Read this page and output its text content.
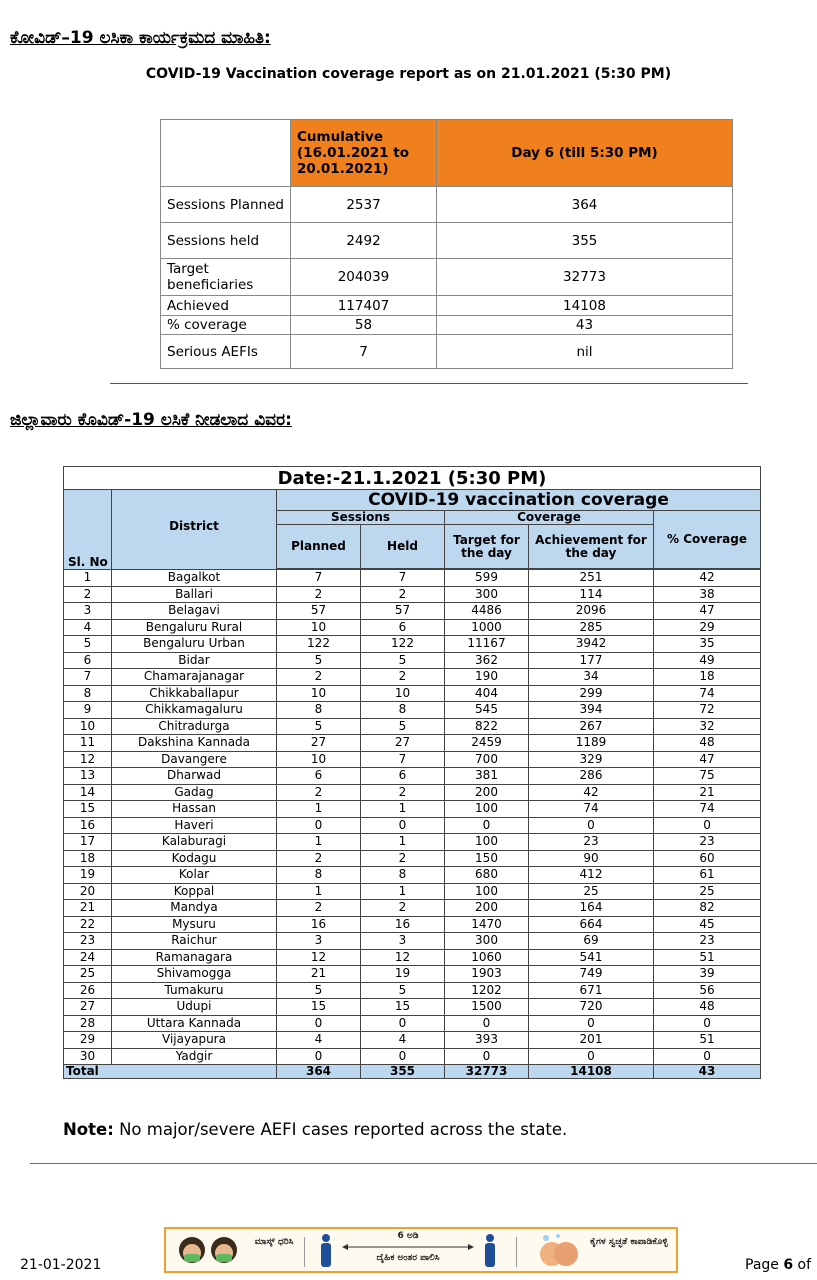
ಕೋವಿಡ್–19 ಲಸಿಕಾ ಕಾರ್ಯಕ್ರಮದ ಮಾಹಿತಿ:
COVID-19 Vaccination coverage report as on 21.01.2021 (5:30 PM)
	Cumulative (16.01.2021 to 20.01.2021)	Day 6 (till 5:30 PM)
Sessions Planned	2537	364
Sessions held	2492	355
Target beneficiaries	204039	32773
Achieved	117407	14108
% coverage	58	43
Serious AEFIs	7	nil
ಜಿಲ್ಲಾವಾರು ಕೊವಿಡ್-19 ಲಸಿಕೆ ನೀಡಲಾದ ವಿವರ:
Date:-21.1.2021 (5:30 PM)						
Sl. No	District	COVID-19 vaccination coverage				
		Sessions		Coverage		% Coverage
		Planned	Held	Target for the day	Achievement for the day	

1	Bagalkot	7	7	599	251	42
2	Ballari	2	2	300	114	38
3	Belagavi	57	57	4486	2096	47
4	Bengaluru Rural	10	6	1000	285	29
5	Bengaluru Urban	122	122	11167	3942	35
6	Bidar	5	5	362	177	49
7	Chamarajanagar	2	2	190	34	18
8	Chikkaballapur	10	10	404	299	74
9	Chikkamagaluru	8	8	545	394	72
10	Chitradurga	5	5	822	267	32
11	Dakshina Kannada	27	27	2459	1189	48
12	Davangere	10	7	700	329	47
13	Dharwad	6	6	381	286	75
14	Gadag	2	2	200	42	21
15	Hassan	1	1	100	74	74
16	Haveri	0	0	0	0	0
17	Kalaburagi	1	1	100	23	23
18	Kodagu	2	2	150	90	60
19	Kolar	8	8	680	412	61
20	Koppal	1	1	100	25	25
21	Mandya	2	2	200	164	82
22	Mysuru	16	16	1470	664	45
23	Raichur	3	3	300	69	23
24	Ramanagara	12	12	1060	541	51
25	Shivamogga	21	19	1903	749	39
26	Tumakuru	5	5	1202	671	56
27	Udupi	15	15	1500	720	48
28	Uttara Kannada	0	0	0	0	0
29	Vijayapura	4	4	393	201	51
30	Yadgir	0	0	0	0	0
Total		364	355	32773	14108	43
Note: No major/severe AEFI cases reported across the state.
ಮಾಸ್ಕ್ ಧರಿಸಿ
6 ಅಡಿ
ದೈಹಿಕ ಅಂತರ ಪಾಲಿಸಿ
ಕೈಗಳ ಸ್ವಚ್ಛತೆ ಕಾಪಾಡಿಕೊಳ್ಳಿ
21-01-2021	Page 6 of
